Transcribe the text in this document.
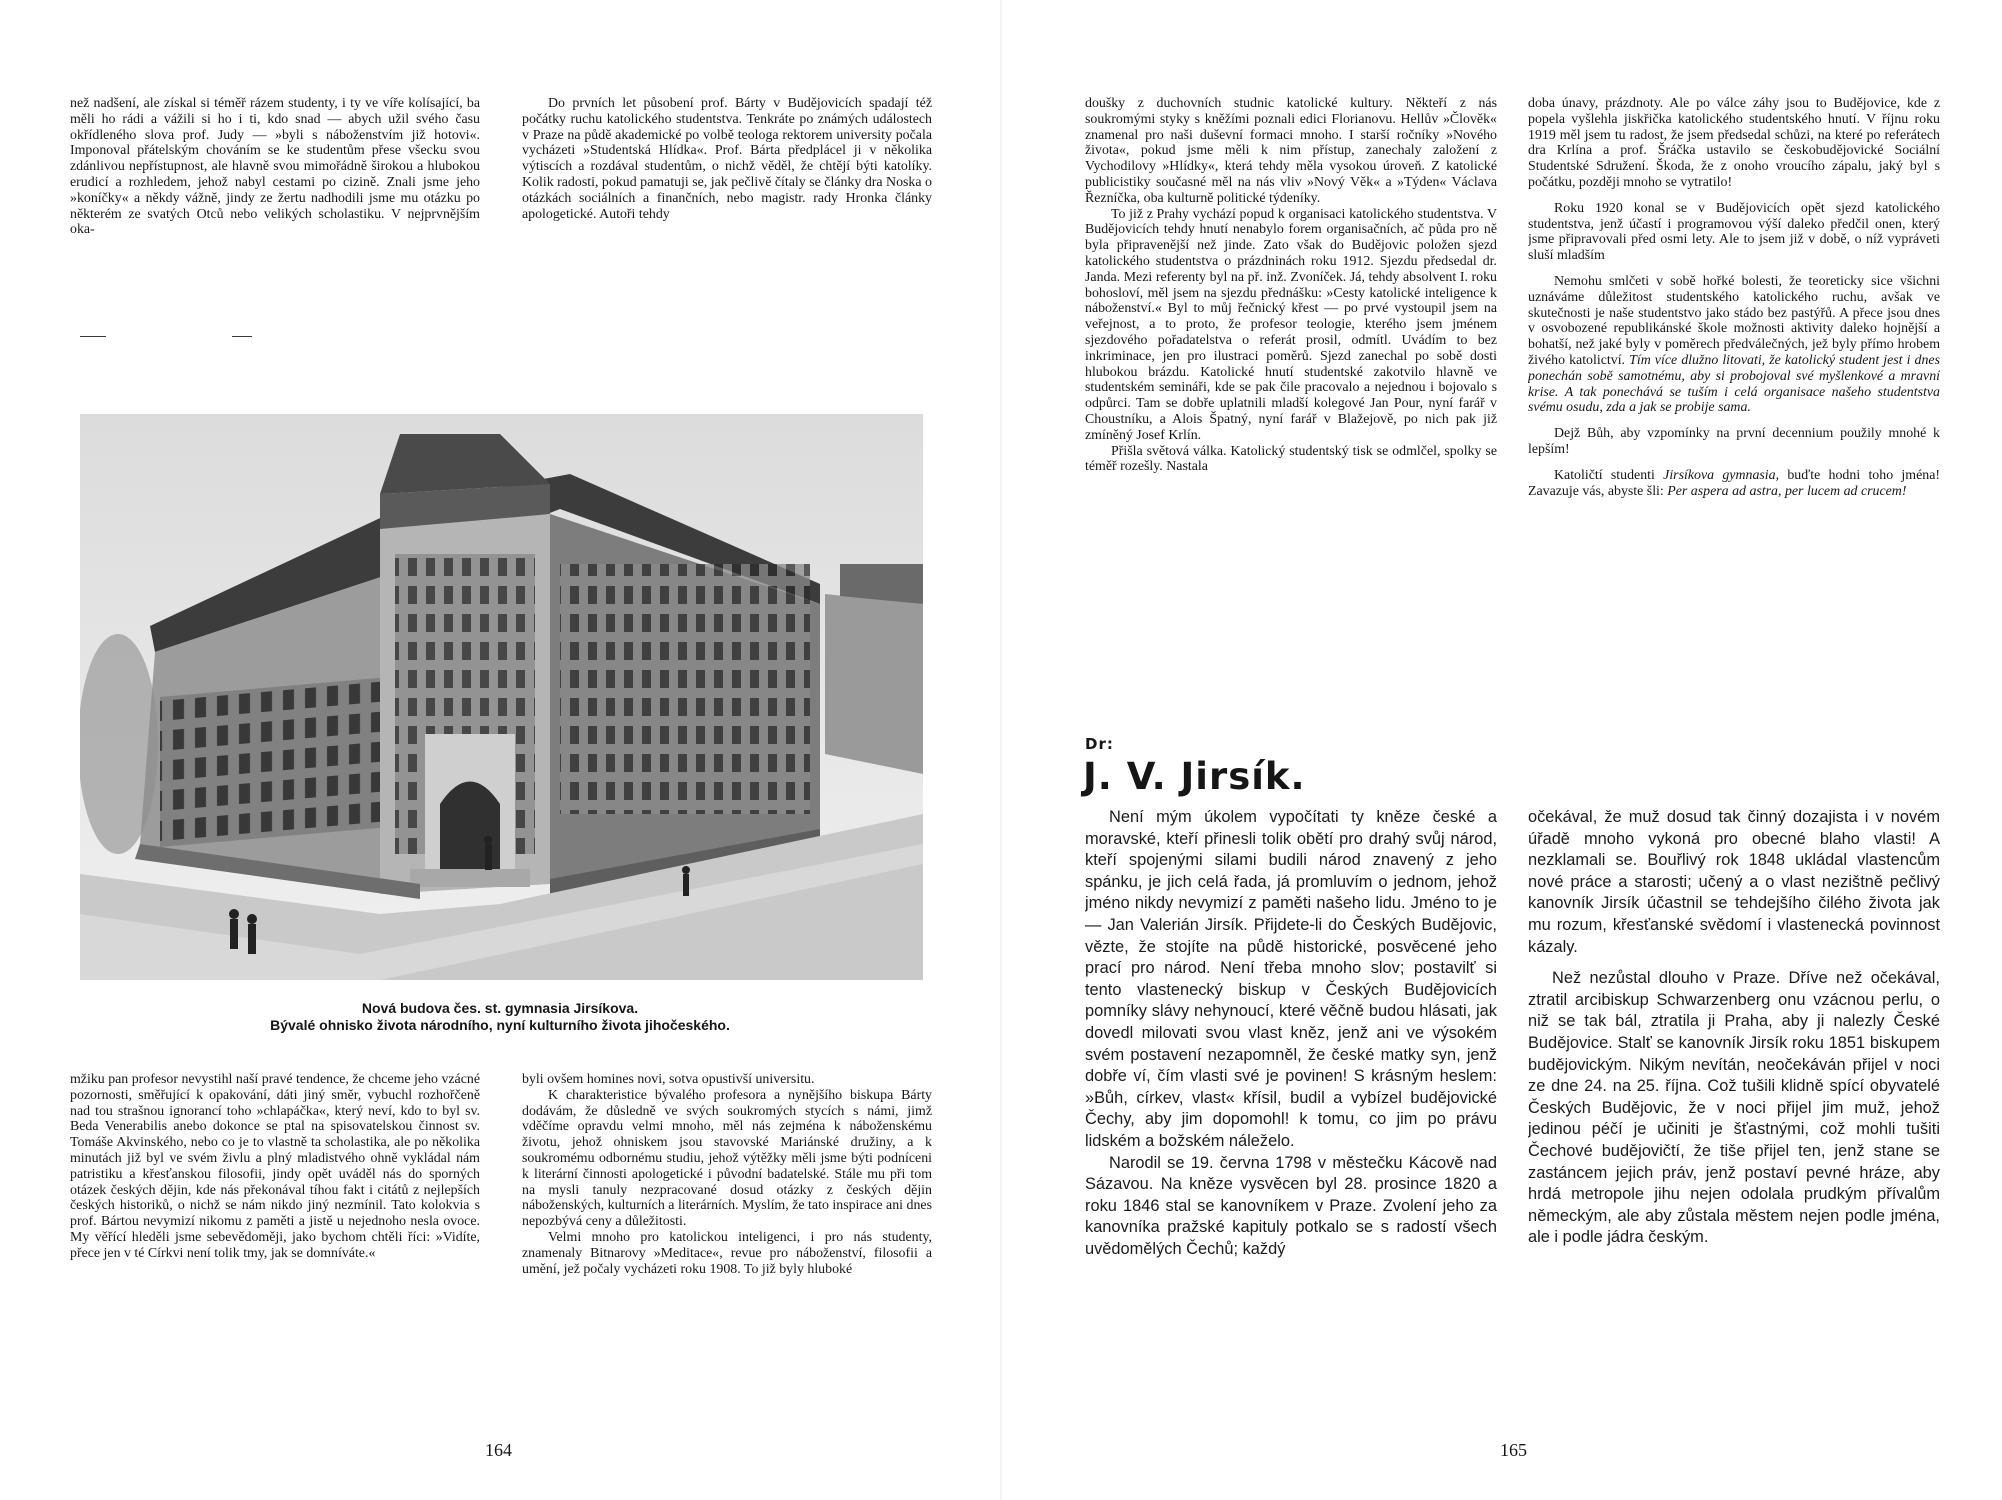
než nadšení, ale získal si téměř rázem studenty, i ty ve víře kolísající, ba měli ho rádi a vážili si ho i ti, kdo snad — abych užil svého času okřídleného slova prof. Judy — »byli s náboženstvím již hotovi«. Imponoval přátelským chováním se ke studentům přese všecku svou zdánlivou nepřístupnost, ale hlavně svou mimořádně širokou a hlubokou erudicí a rozhledem, jehož nabyl cestami po cizině. Znali jsme jeho »koníčky« a někdy vážně, jindy ze žertu nadhodili jsme mu otázku po některém ze svatých Otců nebo velikých scholastiku. V nejprvnějším oka-

Do prvních let působení prof. Bárty v Budějovicích spadají též počátky ruchu katolického studentstva. Tenkráte po známých událostech v Praze na půdě akademické po volbě teologa rektorem university počala vycházeti »Studentská Hlídka«. Prof. Bárta předplácel ji v několika výtiscích a rozdával studentům, o nichž věděl, že chtějí býti katolíky. Kolik radosti, pokud pamatuji se, jak pečlivě čítaly se články dra Noska o otázkách sociálních a finančních, nebo magistr. rady Hronka články apologetické. Autoři tehdy

Nová budova čes. st. gymnasia Jirsíkova.
Bývalé ohnisko života národního, nyní kulturního života jihočeského.

mžiku pan profesor nevystihl naší pravé tendence, že chceme jeho vzácné pozornosti, směřující k opakování, dáti jiný směr, vybuchl rozhořčeně nad tou strašnou ignorancí toho »chlapáčka«, který neví, kdo to byl sv. Beda Venerabilis anebo dokonce se ptal na spisovatelskou činnost sv. Tomáše Akvinského, nebo co je to vlastně ta scholastika, ale po několika minutách již byl ve svém živlu a plný mladistvého ohně vykládal nám patristiku a křesťanskou filosofii, jindy opět uváděl nás do sporných otázek českých dějin, kde nás překonával tíhou fakt i citátů z nejlepších českých historiků, o nichž se nám nikdo jiný nezmínil. Tato kolokvia s prof. Bártou nevymizí nikomu z paměti a jistě u nejednoho nesla ovoce. My věřící hleděli jsme sebevědoměji, jako bychom chtěli říci: »Vidíte, přece jen v té Církvi není tolik tmy, jak se domníváte.«

byli ovšem homines novi, sotva opustivší universitu.

K charakteristice bývalého profesora a nynějšího biskupa Bárty dodávám, že důsledně ve svých soukromých stycích s námi, jimž vděčíme opravdu velmi mnoho, měl nás zejména k náboženskému životu, jehož ohniskem jsou stavovské Mariánské družiny, a k soukromému odbornému studiu, jehož výtěžky měli jsme býti podníceni k literární činnosti apologetické i původní badatelské. Stále mu při tom na mysli tanuly nezpracované dosud otázky z českých dějin náboženských, kulturních a literárních. Myslím, že tato inspirace ani dnes nepozbývá ceny a důležitosti.

Velmi mnoho pro katolickou inteligenci, i pro nás studenty, znamenaly Bitnarovy »Meditace«, revue pro náboženství, filosofii a umění, jež počaly vycházeti roku 1908. To již byly hluboké

164

doušky z duchovních studnic katolické kultury. Někteří z nás soukromými styky s kněžími poznali edici Florianovu. Hellův »Člověk« znamenal pro naši duševní formaci mnoho. I starší ročníky »Nového života«, pokud jsme měli k nim přístup, zanechaly založení z Vychodilovy »Hlídky«, která tehdy měla vysokou úroveň. Z katolické publicistiky současné měl na nás vliv »Nový Věk« a »Týden« Václava Řezníčka, oba kulturně politické týdeníky.

To již z Prahy vychází popud k organisaci katolického studentstva. V Budějovicích tehdy hnutí nenabylo forem organisačních, ač půda pro ně byla připravenější než jinde. Zato však do Budějovic položen sjezd katolického studentstva o prázdninách roku 1912. Sjezdu předsedal dr. Janda. Mezi referenty byl na př. inž. Zvoníček. Já, tehdy absolvent I. roku bohosloví, měl jsem na sjezdu přednášku: »Cesty katolické inteligence k náboženství.« Byl to můj řečnický křest — po prvé vystoupil jsem na veřejnost, a to proto, že profesor teologie, kterého jsem jménem sjezdového pořadatelstva o referát prosil, odmítl. Uvádím to bez inkriminace, jen pro ilustraci poměrů. Sjezd zanechal po sobě dosti hlubokou brázdu. Katolické hnutí studentské zakotvilo hlavně ve studentském semináři, kde se pak čile pracovalo a nejednou i bojovalo s odpůrci. Tam se dobře uplatnili mladší kolegové Jan Pour, nyní farář v Choustníku, a Alois Špatný, nyní farář v Blažejově, po nich pak již zmíněný Josef Krlín.

Přišla světová válka. Katolický studentský tisk se odmlčel, spolky se téměř rozešly. Nastala

doba únavy, prázdnoty. Ale po válce záhy jsou to Budějovice, kde z popela vyšlehla jiskřička katolického studentského hnutí. V říjnu roku 1919 měl jsem tu radost, že jsem předsedal schůzi, na které po referátech dra Krlína a prof. Šráčka ustavilo se českobudějovické Sociální Studentské Sdružení. Škoda, že z onoho vroucího zápalu, jaký byl s počátku, později mnoho se vytratilo!

Roku 1920 konal se v Budějovicích opět sjezd katolického studentstva, jenž účastí i programovou výší daleko předčil onen, který jsme připravovali před osmi lety. Ale to jsem již v době, o níž vypráveti sluší mladším

Nemohu smlčeti v sobě hořké bolesti, že teoreticky sice všichni uznáváme důležitost studentského katolického ruchu, avšak ve skutečnosti je naše studentstvo jako stádo bez pastýřů. A přece jsou dnes v osvobozené republikánské škole možnosti aktivity daleko hojnější a bohatší, než jaké byly v poměrech předválečných, jež byly přímo hrobem živého katolictví. Tím více dlužno litovati, že katolický student jest i dnes ponechán sobě samotnému, aby si probojoval své myšlenkové a mravní krise. A tak ponechává se tuším i celá organisace našeho studentstva svému osudu, zda a jak se probije sama.

Dejž Bůh, aby vzpomínky na první decennium použily mnohé k lepším!

Katoličtí studenti Jirsíkova gymnasia, buďte hodni toho jména! Zavazuje vás, abyste šli: Per aspera ad astra, per lucem ad crucem!

Dr:
J. V. Jirsík.

Není mým úkolem vypočítati ty kněze české a moravské, kteří přinesli tolik obětí pro drahý svůj národ, kteří spojenými silami budili národ znavený z jeho spánku, je jich celá řada, já promluvím o jednom, jehož jméno nikdy nevymizí z paměti našeho lidu. Jméno to je — Jan Valerián Jirsík. Přijdete-li do Českých Budějovic, vězte, že stojíte na půdě historické, posvěcené jeho prací pro národ. Není třeba mnoho slov; postavilť si tento vlastenecký biskup v Českých Budějovicích pomníky slávy nehynoucí, které věčně budou hlásati, jak dovedl milovati svou vlast kněz, jenž ani ve výsokém svém postavení nezapomněl, že české matky syn, jenž dobře ví, čím vlasti své je povinen! S krásným heslem: »Bůh, církev, vlast« křísil, budil a vybízel budějovické Čechy, aby jim dopomohl! k tomu, co jim po právu lidském a božském náleželo.

Narodil se 19. června 1798 v městečku Kácově nad Sázavou. Na kněze vysvěcen byl 28. prosince 1820 a roku 1846 stal se kanovníkem v Praze. Zvolení jeho za kanovníka pražské kapituly potkalo se s radostí všech uvědomělých Čechů; každý

očekával, že muž dosud tak činný dozajista i v novém úřadě mnoho vykoná pro obecné blaho vlasti! A nezklamali se. Bouřlivý rok 1848 ukládal vlastencům nové práce a starosti; učený a o vlast nezištně pečlivý kanovník Jirsík účastnil se tehdejšího čilého života jak mu rozum, křesťanské svědomí i vlastenecká povinnost kázaly.

Než nezůstal dlouho v Praze. Dříve než očekával, ztratil arcibiskup Schwarzenberg onu vzácnou perlu, o niž se tak bál, ztratila ji Praha, aby ji nalezly České Budějovice. Stalť se kanovník Jirsík roku 1851 biskupem budějovickým. Nikým nevítán, neočekáván přijel v noci ze dne 24. na 25. října. Což tušili klidně spící obyvatelé Českých Budějovic, že v noci přijel jim muž, jehož jedinou péčí je učiniti je šťastnými, což mohli tušiti Čechové budějovičtí, že tiše přijel ten, jenž stane se zastáncem jejich práv, jenž postaví pevné hráze, aby hrdá metropole jihu nejen odolala prudkým přívalům německým, ale aby zůstala městem nejen podle jména, ale i podle jádra českým.

165
